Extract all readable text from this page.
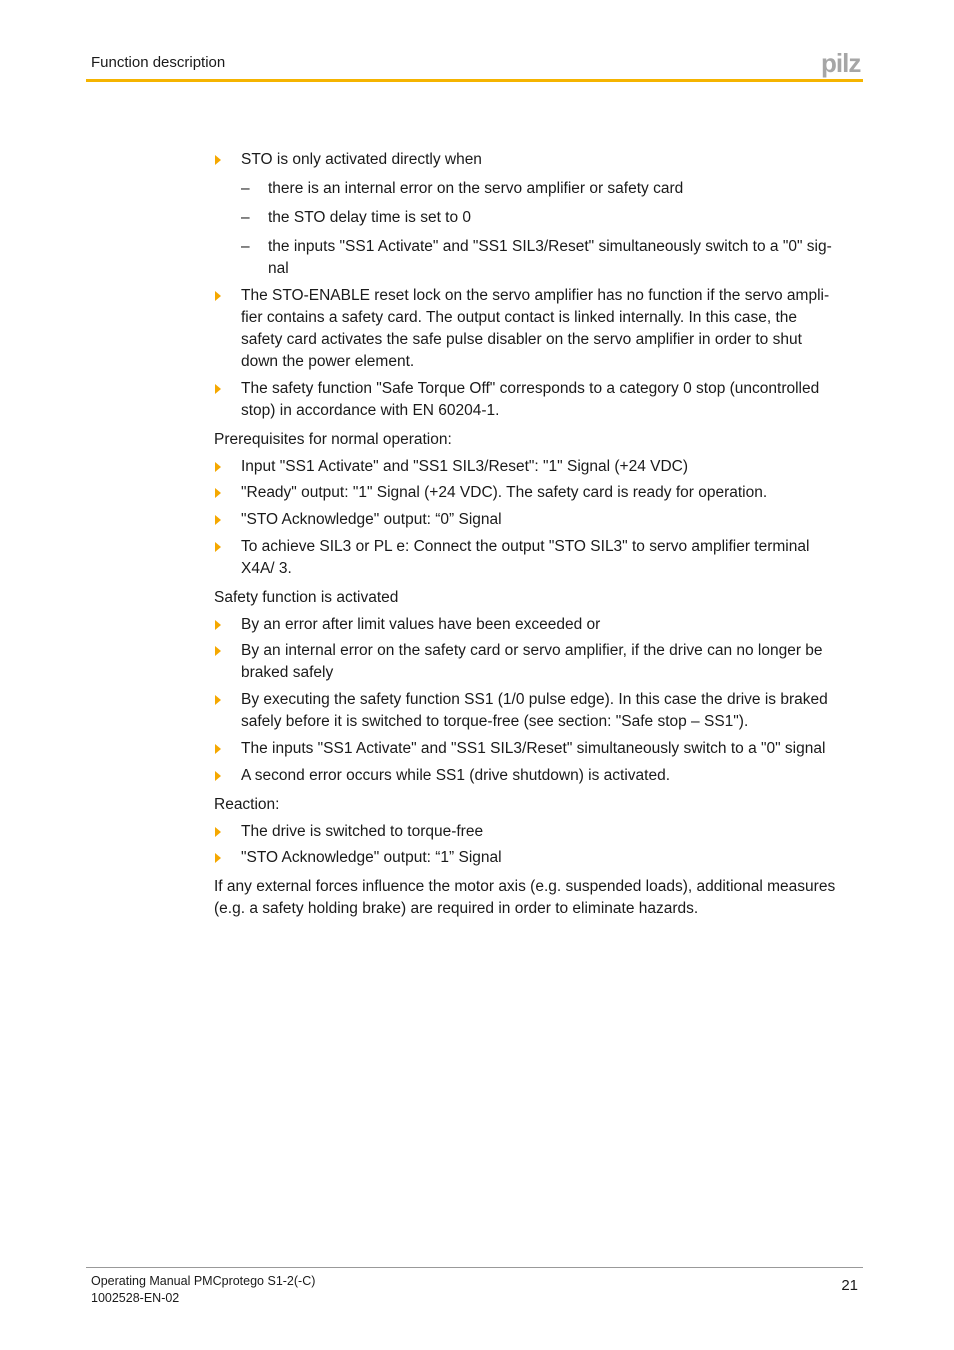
Function description	pilz
STO is only activated directly when
– there is an internal error on the servo amplifier or safety card
– the STO delay time is set to 0
– the inputs "SS1 Activate" and "SS1 SIL3/Reset" simultaneously switch to a "0" sig-
nal
The STO-ENABLE reset lock on the servo amplifier has no function if the servo ampli-
fier contains a safety card. The output contact is linked internally. In this case, the
safety card activates the safe pulse disabler on the servo amplifier in order to shut
down the power element.
The safety function "Safe Torque Off" corresponds to a category 0 stop (uncontrolled
stop) in accordance with EN 60204-1.
Prerequisites for normal operation:
Input "SS1 Activate" and "SS1 SIL3/Reset": "1" Signal (+24 VDC)
"Ready" output: "1" Signal (+24 VDC). The safety card is ready for operation.
"STO Acknowledge" output: “0” Signal
To achieve SIL3 or PL e: Connect the output "STO SIL3" to servo amplifier terminal
X4A/ 3.
Safety function is activated
By an error after limit values have been exceeded or
By an internal error on the safety card or servo amplifier, if the drive can no longer be
braked safely
By executing the safety function SS1 (1/0 pulse edge). In this case the drive is braked
safely before it is switched to torque-free (see section: "Safe stop – SS1").
The inputs "SS1 Activate" and "SS1 SIL3/Reset" simultaneously switch to a "0" signal
A second error occurs while SS1 (drive shutdown) is activated.
Reaction:
The drive is switched to torque-free
"STO Acknowledge" output: “1” Signal
If any external forces influence the motor axis (e.g. suspended loads), additional measures
(e.g. a safety holding brake) are required in order to eliminate hazards.
Operating Manual PMCprotego S1-2(-C)
1002528-EN-02
21
